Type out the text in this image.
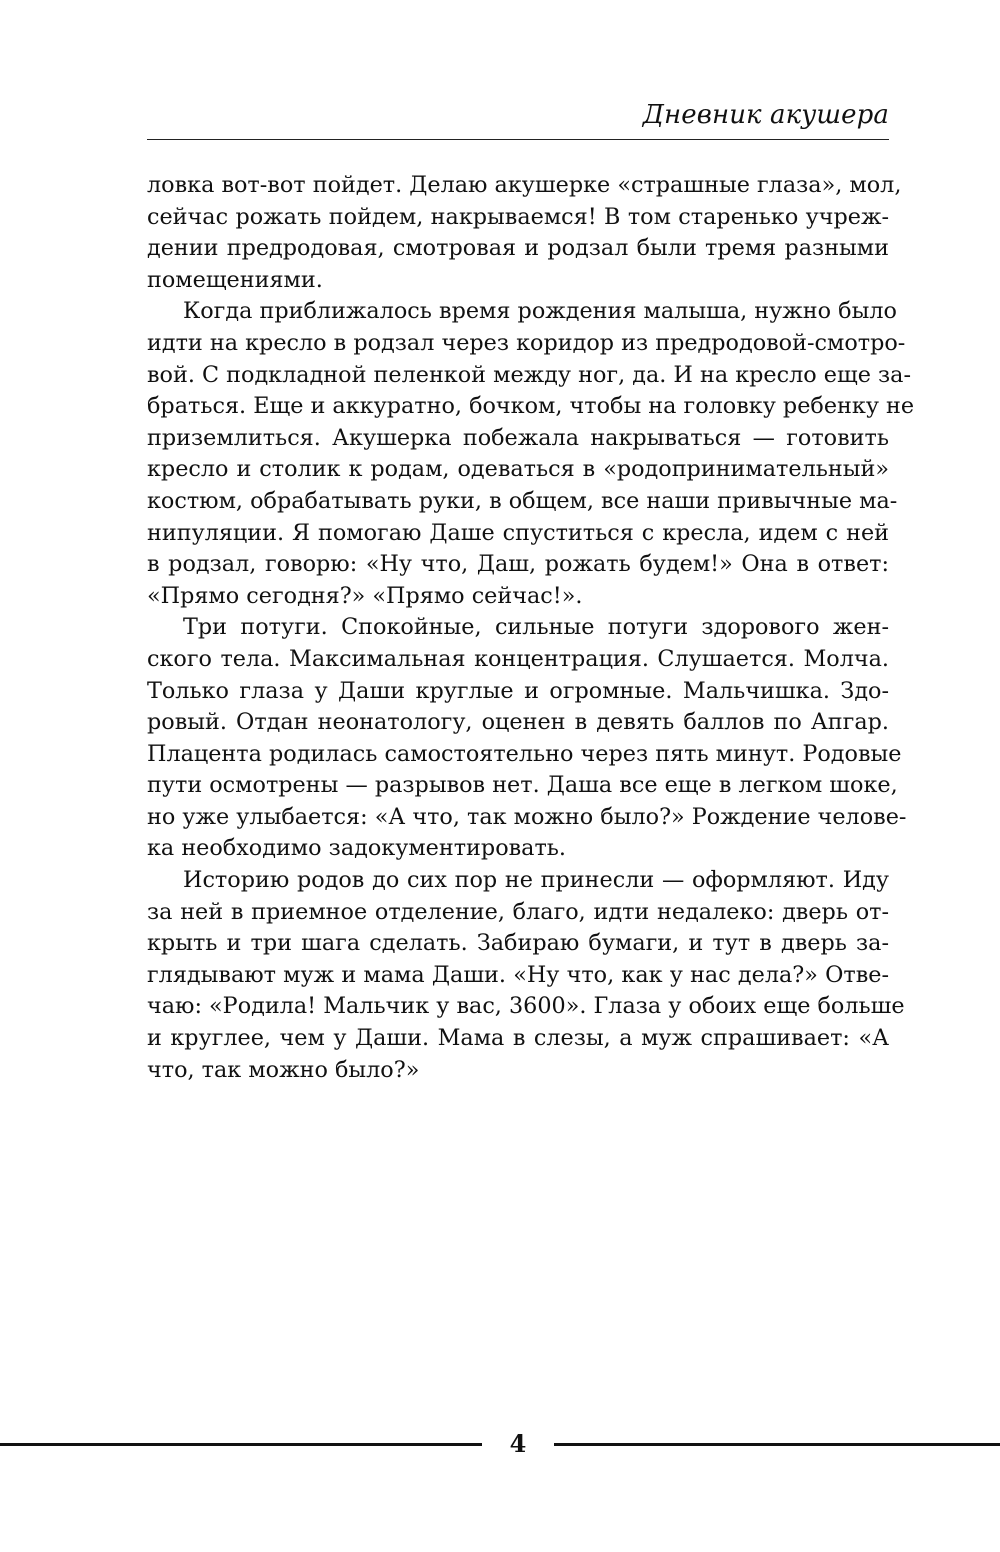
Дневник акушера
ловка вот-вот пойдет. Делаю акушерке «страшные глаза», мол,
сейчас рожать пойдем, накрываемся! В том старенько учреж-
дении предродовая, смотровая и родзал были тремя разными
помещениями.
Когда приближалось время рождения малыша, нужно было
идти на кресло в родзал через коридор из предродовой-смотро-
вой. С подкладной пеленкой между ног, да. И на кресло еще за-
браться. Еще и аккуратно, бочком, чтобы на головку ребенку не
приземлиться. Акушерка побежала накрываться — готовить
кресло и столик к родам, одеваться в «родопринимательный»
костюм, обрабатывать руки, в общем, все наши привычные ма-
нипуляции. Я помогаю Даше спуститься с кресла, идем с ней
в родзал, говорю: «Ну что, Даш, рожать будем!» Она в ответ:
«Прямо сегодня?» «Прямо сейчас!».
Три потуги. Спокойные, сильные потуги здорового жен-
ского тела. Максимальная концентрация. Слушается. Молча.
Только глаза у Даши круглые и огромные. Мальчишка. Здо-
ровый. Отдан неонатологу, оценен в девять баллов по Апгар.
Плацента родилась самостоятельно через пять минут. Родовые
пути осмотрены — разрывов нет. Даша все еще в легком шоке,
но уже улыбается: «А что, так можно было?» Рождение челове-
ка необходимо задокументировать.
Историю родов до сих пор не принесли — оформляют. Иду
за ней в приемное отделение, благо, идти недалеко: дверь от-
крыть и три шага сделать. Забираю бумаги, и тут в дверь за-
глядывают муж и мама Даши. «Ну что, как у нас дела?» Отве-
чаю: «Родила! Мальчик у вас, 3600». Глаза у обоих еще больше
и круглее, чем у Даши. Мама в слезы, а муж спрашивает: «А
что, так можно было?»
4
